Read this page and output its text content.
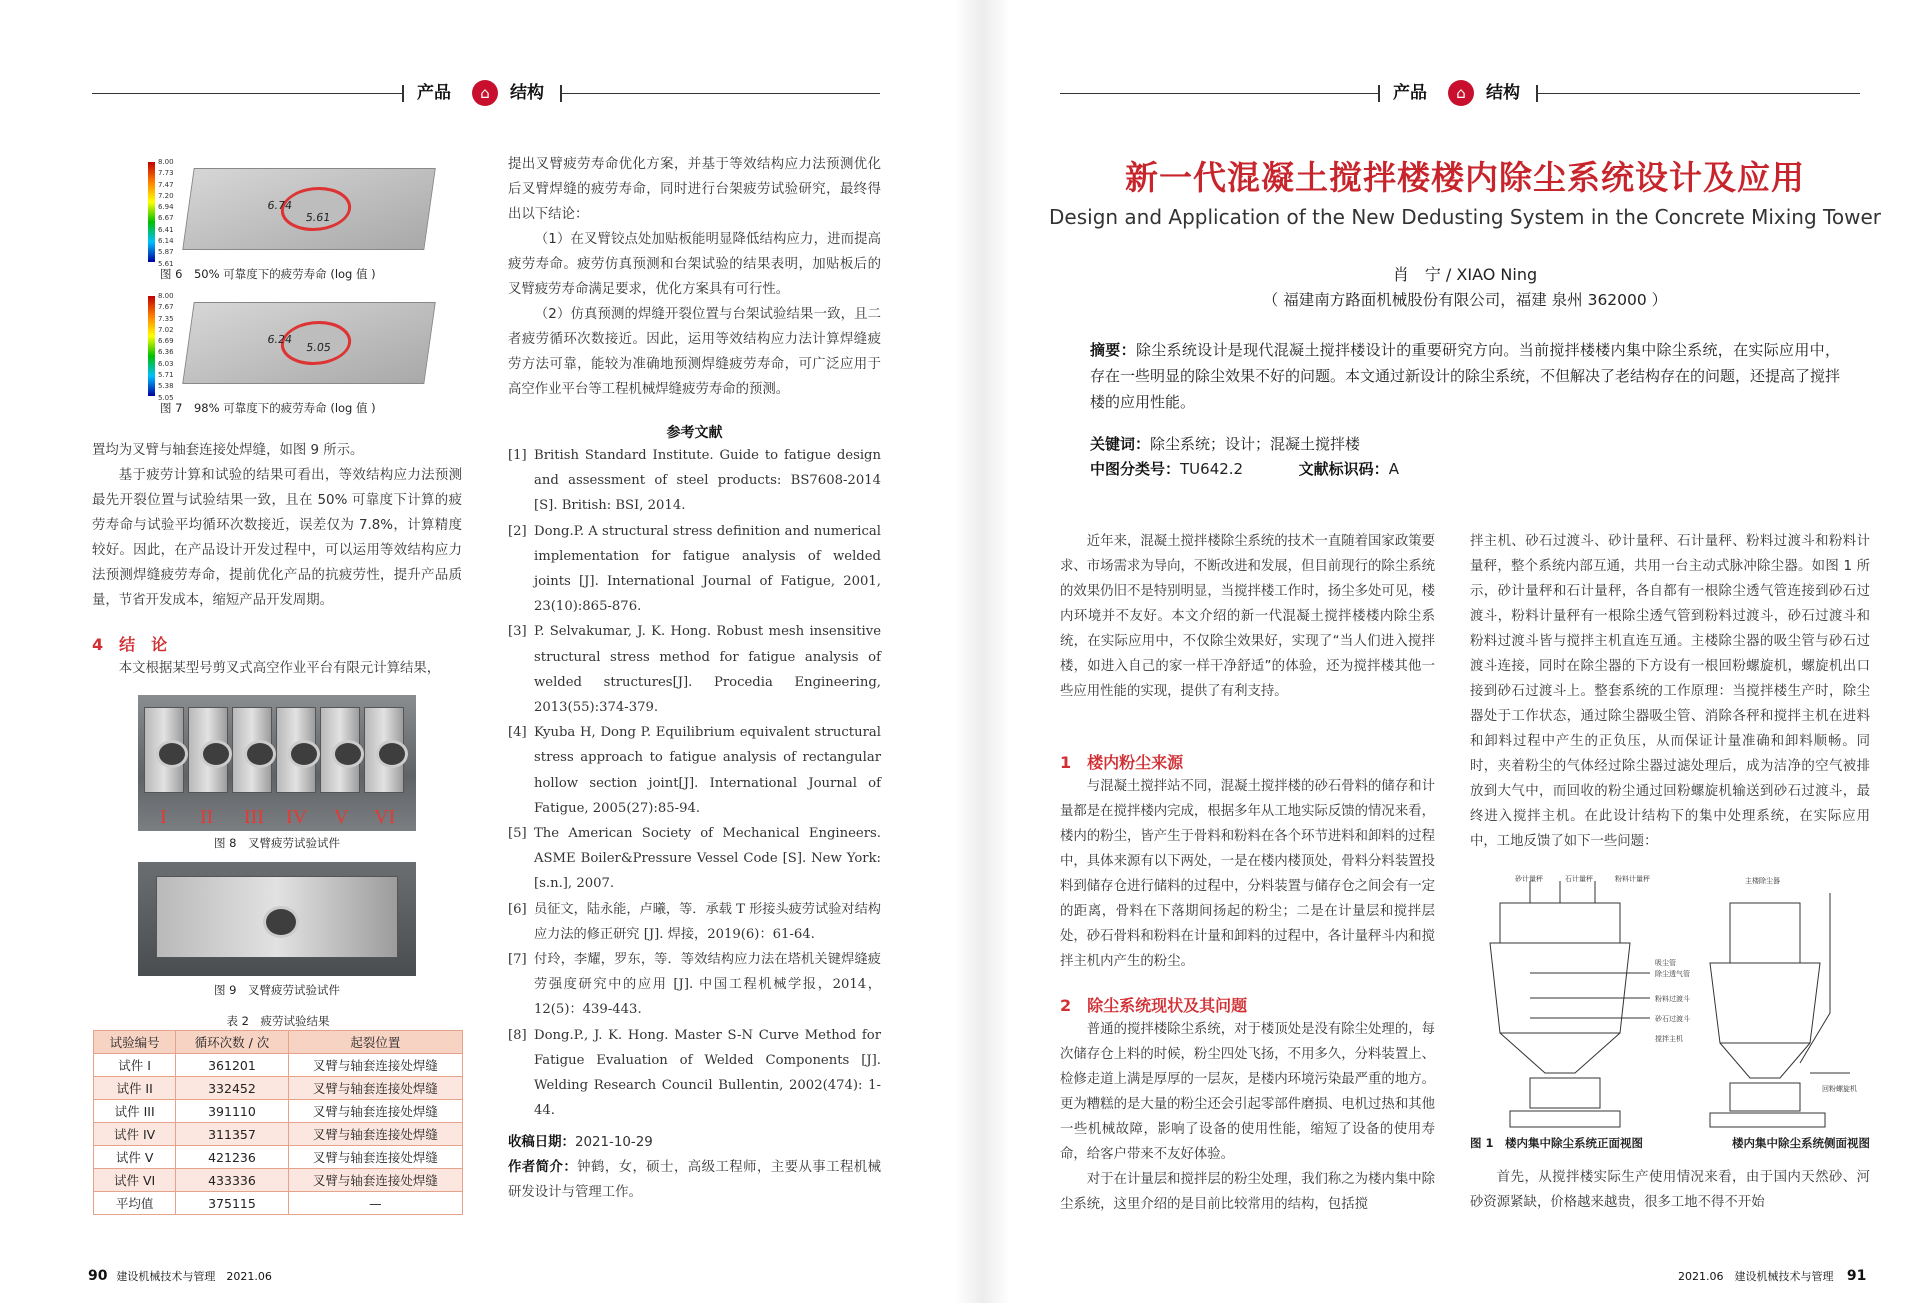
产品	⌂	结构
8.00
7.73
7.47
7.20
6.94
6.67
6.41
6.14
5.87
5.61
6.74
5.61
图 6　50% 可靠度下的疲劳寿命 (log 值 )
8.00
7.67
7.35
7.02
6.69
6.36
6.03
5.71
5.38
5.05
6.24
5.05
图 7　98% 可靠度下的疲劳寿命 (log 值 )

置均为叉臂与轴套连接处焊缝，如图 9 所示。

基于疲劳计算和试验的结果可看出，等效结构应力法预测最先开裂位置与试验结果一致，且在 50% 可靠度下计算的疲劳寿命与试验平均循环次数接近，误差仅为 7.8%，计算精度较好。因此，在产品设计开发过程中，可以运用等效结构应力法预测焊缝疲劳寿命，提前优化产品的抗疲劳性，提升产品质量，节省开发成本，缩短产品开发周期。

4　结　论

本文根据某型号剪叉式高空作业平台有限元计算结果，

I II III IV V VI
图 8　叉臂疲劳试验试件
图 9　叉臂疲劳试验试件
表 2　疲劳试验结果
试验编号	循环次数 / 次	起裂位置
试件 I	361201	叉臂与轴套连接处焊缝
试件 II	332452	叉臂与轴套连接处焊缝
试件 III	391110	叉臂与轴套连接处焊缝
试件 IV	311357	叉臂与轴套连接处焊缝
试件 V	421236	叉臂与轴套连接处焊缝
试件 VI	433336	叉臂与轴套连接处焊缝
平均值	375115	—

提出叉臂疲劳寿命优化方案，并基于等效结构应力法预测优化后叉臂焊缝的疲劳寿命，同时进行台架疲劳试验研究，最终得出以下结论：

（1）在叉臂铰点处加贴板能明显降低结构应力，进而提高疲劳寿命。疲劳仿真预测和台架试验的结果表明，加贴板后的叉臂疲劳寿命满足要求，优化方案具有可行性。

（2）仿真预测的焊缝开裂位置与台架试验结果一致，且二者疲劳循环次数接近。因此，运用等效结构应力法计算焊缝疲劳方法可靠，能较为准确地预测焊缝疲劳寿命，可广泛应用于高空作业平台等工程机械焊缝疲劳寿命的预测。

参考文献
[1] British Standard Institute. Guide to fatigue design and assessment of steel products: BS7608-2014 [S]. British: BSI, 2014.
[2] Dong.P. A structural stress definition and numerical implementation for fatigue analysis of welded joints [J]. International Journal of Fatigue, 2001, 23(10):865-876.
[3] P. Selvakumar, J. K. Hong. Robust mesh insensitive structural stress method for fatigue analysis of welded structures[J]. Procedia Engineering, 2013(55):374-379.
[4] Kyuba H, Dong P. Equilibrium equivalent structural stress approach to fatigue analysis of rectangular hollow section joint[J]. International Journal of Fatigue, 2005(27):85-94.
[5] The American Society of Mechanical Engineers. ASME Boiler&Pressure Vessel Code [S]. New York: [s.n.], 2007.
[6] 员征文，陆永能，卢曦，等．承载 T 形接头疲劳试验对结构应力法的修正研究 [J]. 焊接，2019(6)：61-64.
[7] 付玲，李耀，罗东，等．等效结构应力法在塔机关键焊缝疲劳强度研究中的应用 [J]. 中国工程机械学报，2014，12(5)：439-443.
[8] Dong.P., J. K. Hong. Master S-N Curve Method for Fatigue Evaluation of Welded Components [J]. Welding Research Council Bullentin, 2002(474): 1-44.

收稿日期：2021-10-29

作者简介：钟鹤，女，硕士，高级工程师，主要从事工程机械研发设计与管理工作。

90 建设机械技术与管理　2021.06
产品	⌂	结构
新一代混凝土搅拌楼楼内除尘系统设计及应用
Design and Application of the New Dedusting System in the Concrete Mixing Tower
肖　宁 / XIAO Ning
（ 福建南方路面机械股份有限公司，福建 泉州 362000 ）
摘要：除尘系统设计是现代混凝土搅拌楼设计的重要研究方向。当前搅拌楼楼内集中除尘系统，在实际应用中，存在一些明显的除尘效果不好的问题。本文通过新设计的除尘系统，不但解决了老结构存在的问题，还提高了搅拌楼的应用性能。
关键词：除尘系统；设计；混凝土搅拌楼
中图分类号：TU642.2	文献标识码：A

近年来，混凝土搅拌楼除尘系统的技术一直随着国家政策要求、市场需求为导向，不断改进和发展，但目前现行的除尘系统的效果仍旧不是特别明显，当搅拌楼工作时，扬尘多处可见，楼内环境并不友好。本文介绍的新一代混凝土搅拌楼楼内除尘系统，在实际应用中，不仅除尘效果好，实现了“当人们进入搅拌楼，如进入自己的家一样干净舒适”的体验，还为搅拌楼其他一些应用性能的实现，提供了有利支持。

1　楼内粉尘来源

与混凝土搅拌站不同，混凝土搅拌楼的砂石骨料的储存和计量都是在搅拌楼内完成，根据多年从工地实际反馈的情况来看，楼内的粉尘，皆产生于骨料和粉料在各个环节进料和卸料的过程中，具体来源有以下两处，一是在楼内楼顶处，骨料分料装置投料到储存仓进行储料的过程中，分料装置与储存仓之间会有一定的距离，骨料在下落期间扬起的粉尘；二是在计量层和搅拌层处，砂石骨料和粉料在计量和卸料的过程中，各计量秤斗内和搅拌主机内产生的粉尘。

2　除尘系统现状及其问题

普通的搅拌楼除尘系统，对于楼顶处是没有除尘处理的，每次储存仓上料的时候，粉尘四处飞扬，不用多久，分料装置上、检修走道上满是厚厚的一层灰，是楼内环境污染最严重的地方。更为糟糕的是大量的粉尘还会引起零部件磨损、电机过热和其他一些机械故障，影响了设备的使用性能，缩短了设备的使用寿命，给客户带来不友好体验。

对于在计量层和搅拌层的粉尘处理，我们称之为楼内集中除尘系统，这里介绍的是目前比较常用的结构，包括搅

拌主机、砂石过渡斗、砂计量秤、石计量秤、粉料过渡斗和粉料计量秤，整个系统内部互通，共用一台主动式脉冲除尘器。如图 1 所示，砂计量秤和石计量秤，各自都有一根除尘透气管连接到砂石过渡斗，粉料计量秤有一根除尘透气管到粉料过渡斗，砂石过渡斗和粉料过渡斗皆与搅拌主机直连互通。主楼除尘器的吸尘管与砂石过渡斗连接，同时在除尘器的下方设有一根回粉螺旋机，螺旋机出口接到砂石过渡斗上。整套系统的工作原理：当搅拌楼生产时，除尘器处于工作状态，通过除尘器吸尘管、消除各秤和搅拌主机在进料和卸料过程中产生的正负压，从而保证计量准确和卸料顺畅。同时，夹着粉尘的气体经过除尘器过滤处理后，成为洁净的空气被排放到大气中，而回收的粉尘通过回粉螺旋机输送到砂石过渡斗，最终进入搅拌主机。在此设计结构下的集中处理系统，在实际应用中，工地反馈了如下一些问题：

砂计量秤	石计量秤	粉料计量秤	主楼除尘器
吸尘管
除尘透气管
粉料过渡斗
砂石过渡斗
搅拌主机
回粉螺旋机
图 1　楼内集中除尘系统正面视图	楼内集中除尘系统侧面视图

首先，从搅拌楼实际生产使用情况来看，由于国内天然砂、河砂资源紧缺，价格越来越贵，很多工地不得不开始

2021.06　建设机械技术与管理 91
